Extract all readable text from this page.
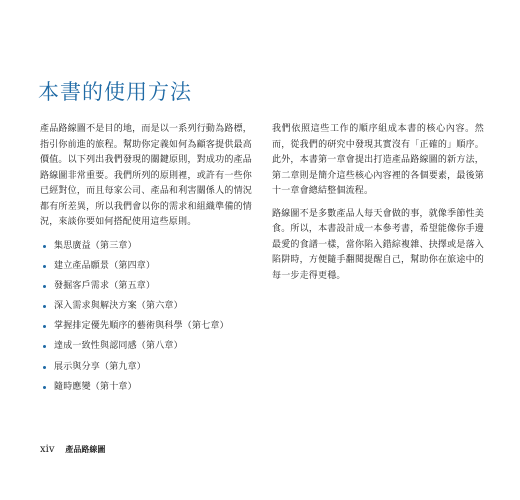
本書的使用方法

產品路線圖不是目的地，而是以一系列行動為路標，指引你前進的旅程。幫助你定義如何為顧客提供最高價值。以下列出我們發現的關鍵原則，對成功的產品路線圖非常重要。我們所列的原則裡，或許有一些你已經對位，而且每家公司、產品和利害關係人的情況都有所差異，所以我們會以你的需求和組織準備的情況，來談你要如何搭配使用這些原則。

集思廣益（第三章）
建立產品願景（第四章）
發掘客戶需求（第五章）
深入需求與解決方案（第六章）
掌握排定優先順序的藝術與科學（第七章）
達成一致性與認同感（第八章）
展示與分享（第九章）
隨時應變（第十章）

我們依照這些工作的順序組成本書的核心內容。然而，從我們的研究中發現其實沒有「正確的」順序。此外，本書第一章會提出打造產品路線圖的新方法，第二章則是簡介這些核心內容裡的各個要素，最後第十一章會總結整個流程。

路線圖不是多數產品人每天會做的事，就像季節性美食。所以，本書設計成一本參考書，希望能像你手邊最愛的食譜一樣，當你陷入錯綜複雜、抉擇或是落入陷阱時，方便隨手翻閱提醒自己，幫助你在旅途中的每一步走得更穩。

xiv 產品路線圖
